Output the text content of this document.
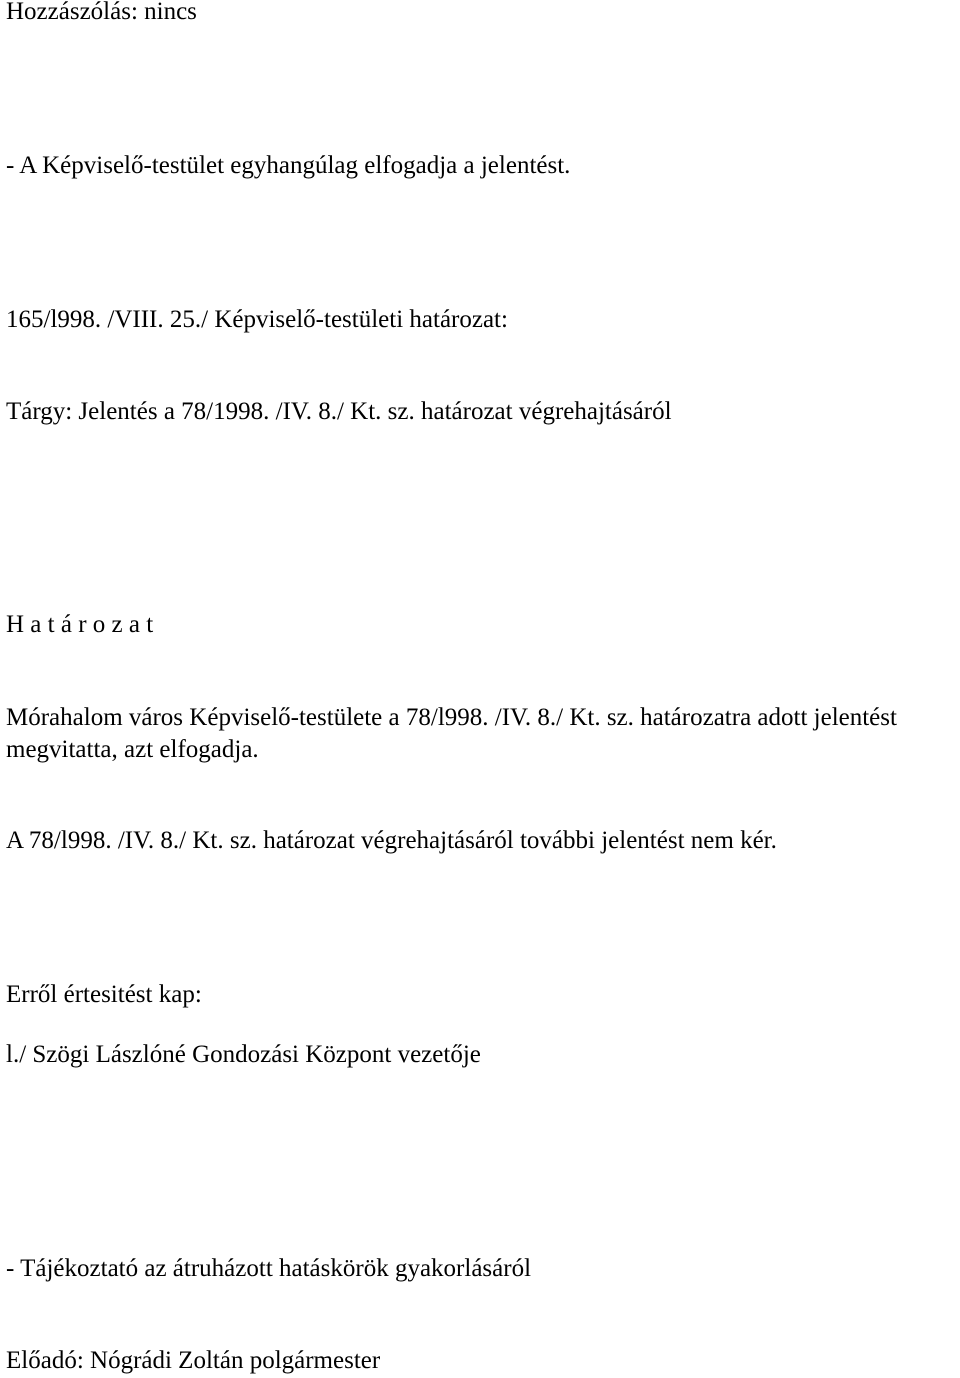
Hozzászólás: nincs
- A Képviselő-testület egyhangúlag elfogadja a jelentést.
165/l998. /VIII. 25./ Képviselő-testületi határozat:
Tárgy: Jelentés a 78/1998. /IV. 8./ Kt. sz. határozat végrehajtásáról
H a t á r o z a t
Mórahalom város Képviselő-testülete a 78/l998. /IV. 8./ Kt. sz. határozatra adott jelentést megvitatta, azt elfogadja.
A 78/l998. /IV. 8./ Kt. sz. határozat végrehajtásáról további jelentést nem kér.
Erről értesitést kap:
l./ Szögi Lászlóné Gondozási Központ vezetője
- Tájékoztató az átruházott hatáskörök gyakorlásáról
Előadó: Nógrádi Zoltán polgármester
